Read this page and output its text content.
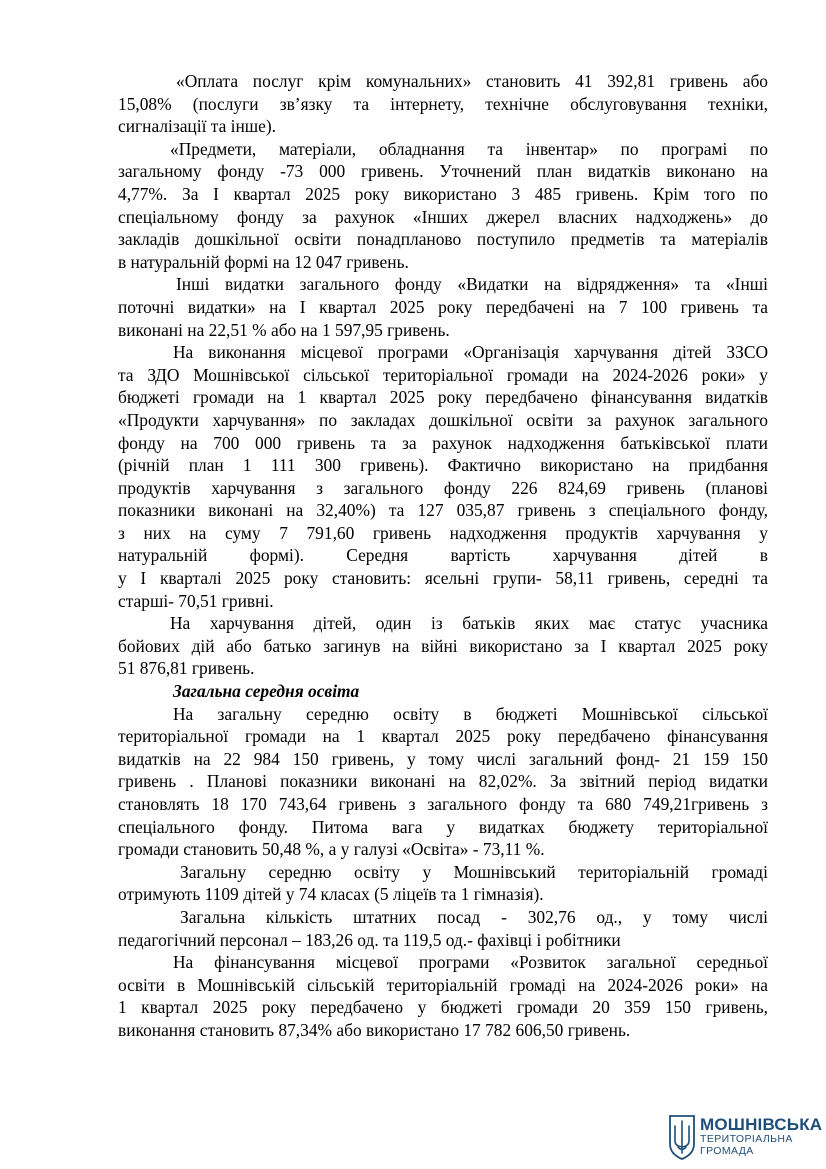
«Оплата послуг крім комунальних» становить 41 392,81 гривень або
15,08% (послуги зв’язку та інтернету, технічне обслуговування техніки,
сигналізації та інше).

«Предмети, матеріали, обладнання та інвентар» по програмі по
загальному фонду -73 000 гривень. Уточнений план видатків виконано на
4,77%. За І квартал 2025 року використано 3 485 гривень. Крім того по
спеціальному фонду за рахунок «Інших джерел власних надходжень» до
закладів дошкільної освіти понадпланово поступило предметів та матеріалів
в натуральній формі на 12 047 гривень.

Інші видатки загального фонду «Видатки на відрядження» та «Інші
поточні видатки» на І квартал 2025 року передбачені на 7 100 гривень та
виконані на 22,51 % або на 1 597,95 гривень.

На виконання місцевої програми «Організація харчування дітей ЗЗСО
та ЗДО Мошнівської сільської територіальної громади на 2024-2026 роки» у
бюджеті громади на 1 квартал 2025 року передбачено фінансування видатків
«Продукти харчування» по закладах дошкільної освіти за рахунок загального
фонду на 700 000 гривень та за рахунок надходження батьківської плати
(річній план 1 111 300 гривень). Фактично використано на придбання
продуктів харчування з загального фонду 226 824,69 гривень (планові
показники виконані на 32,40%) та 127 035,87 гривень з спеціального фонду,
з них на суму 7 791,60 гривень надходження продуктів харчування у
натуральній формі). Середня вартість харчування дітей в
у І кварталі 2025 року становить: ясельні групи- 58,11 гривень, середні та
старші- 70,51 гривні.

На харчування дітей, один із батьків яких має статус учасника
бойових дій або батько загинув на війні використано за І квартал 2025 року
51 876,81 гривень.

Загальна середня освіта

На загальну середню освіту в бюджеті Мошнівської сільської
територіальної громади на 1 квартал 2025 року передбачено фінансування
видатків на 22 984 150 гривень, у тому числі загальний фонд- 21 159 150
гривень . Планові показники виконані на 82,02%. За звітний період видатки
становлять 18 170 743,64 гривень з загального фонду та 680 749,21гривень з
спеціального фонду. Питома вага у видатках бюджету територіальної
громади становить 50,48 %, а у галузі «Освіта» - 73,11 %.

Загальну середню освіту у Мошнівський територіальній громаді
отримують 1109 дітей у 74 класах (5 ліцеїв та 1 гімназія).

Загальна кількість штатних посад - 302,76 од., у тому числі
педагогічний персонал – 183,26 од. та 119,5 од.- фахівці і робітники

На фінансування місцевої програми «Розвиток загальної середньої
освіти в Мошнівській сільській територіальній громаді на 2024-2026 роки» на
1 квартал 2025 року передбачено у бюджеті громади 20 359 150 гривень,
виконання становить 87,34% або використано 17 782 606,50 гривень.

МОШНІВСЬКА
ТЕРИТОРІАЛЬНА
ГРОМАДА
